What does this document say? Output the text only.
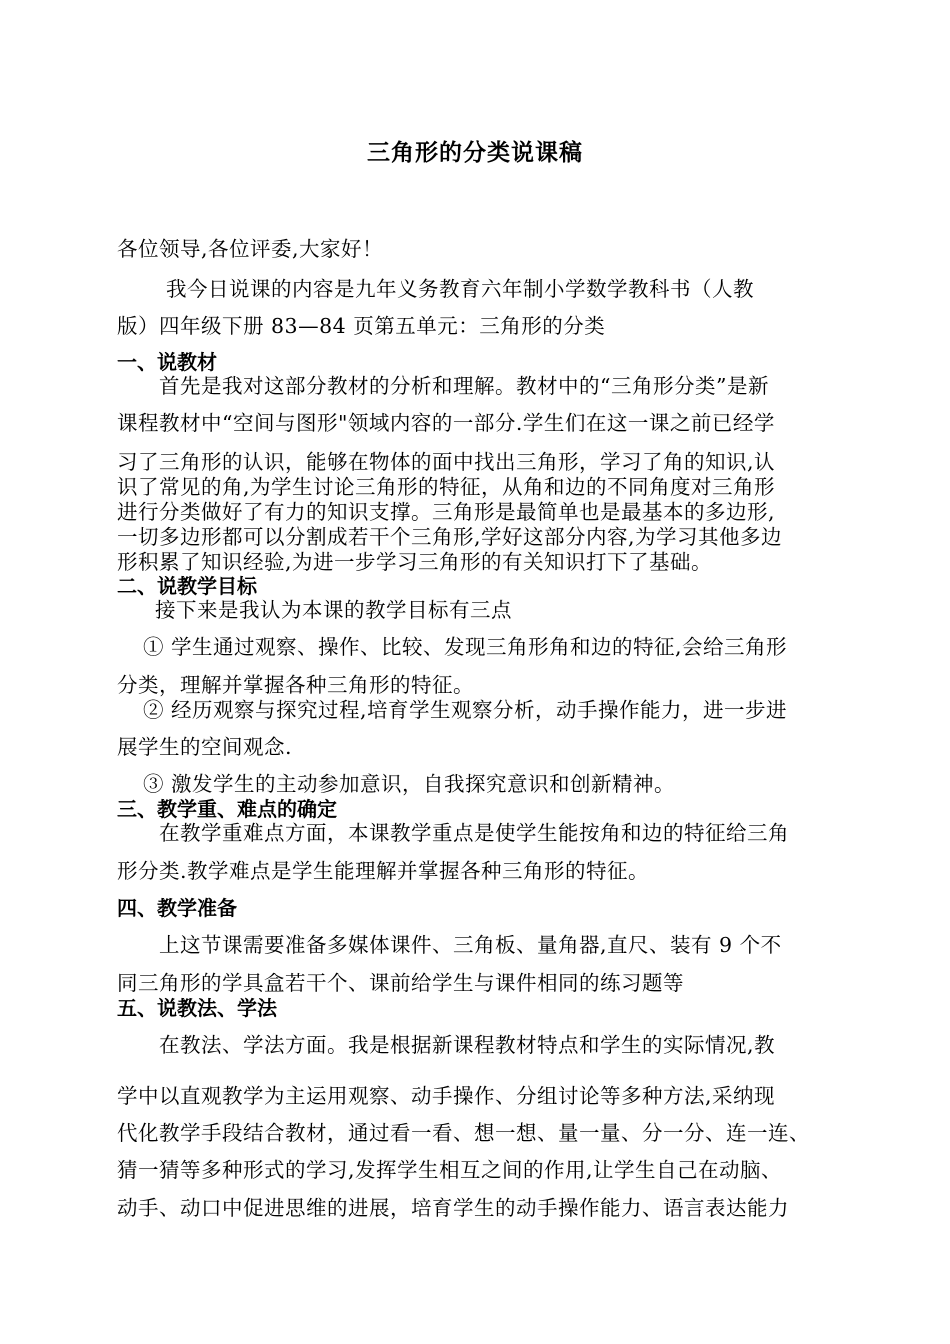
三角形的分类说课稿
各位领导,各位评委,大家好！
我今日说课的内容是九年义务教育六年制小学数学教科书（人教
版）四年级下册 83—84 页第五单元：三角形的分类
一、说教材
首先是我对这部分教材的分析和理解。教材中的“三角形分类”是新
课程教材中“空间与图形"领域内容的一部分.学生们在这一课之前已经学
习了三角形的认识，能够在物体的面中找出三角形，学习了角的知识,认
识了常见的角,为学生讨论三角形的特征，从角和边的不同角度对三角形
进行分类做好了有力的知识支撑。三角形是最简单也是最基本的多边形,
一切多边形都可以分割成若干个三角形,学好这部分内容,为学习其他多边
形积累了知识经验,为进一步学习三角形的有关知识打下了基础。
二、说教学目标
接下来是我认为本课的教学目标有三点
① 学生通过观察、操作、比较、发现三角形角和边的特征,会给三角形
分类，理解并掌握各种三角形的特征。
② 经历观察与探究过程,培育学生观察分析，动手操作能力，进一步进
展学生的空间观念.
③ 激发学生的主动参加意识，自我探究意识和创新精神。
三、教学重、难点的确定
在教学重难点方面，本课教学重点是使学生能按角和边的特征给三角
形分类.教学难点是学生能理解并掌握各种三角形的特征。
四、教学准备
上这节课需要准备多媒体课件、三角板、量角器,直尺、装有 9 个不
同三角形的学具盒若干个、课前给学生与课件相同的练习题等
五、说教法、学法
在教法、学法方面。我是根据新课程教材特点和学生的实际情况,教
学中以直观教学为主运用观察、动手操作、分组讨论等多种方法,采纳现
代化教学手段结合教材，通过看一看、想一想、量一量、分一分、连一连、
猜一猜等多种形式的学习,发挥学生相互之间的作用,让学生自己在动脑、
动手、动口中促进思维的进展，培育学生的动手操作能力、语言表达能力
